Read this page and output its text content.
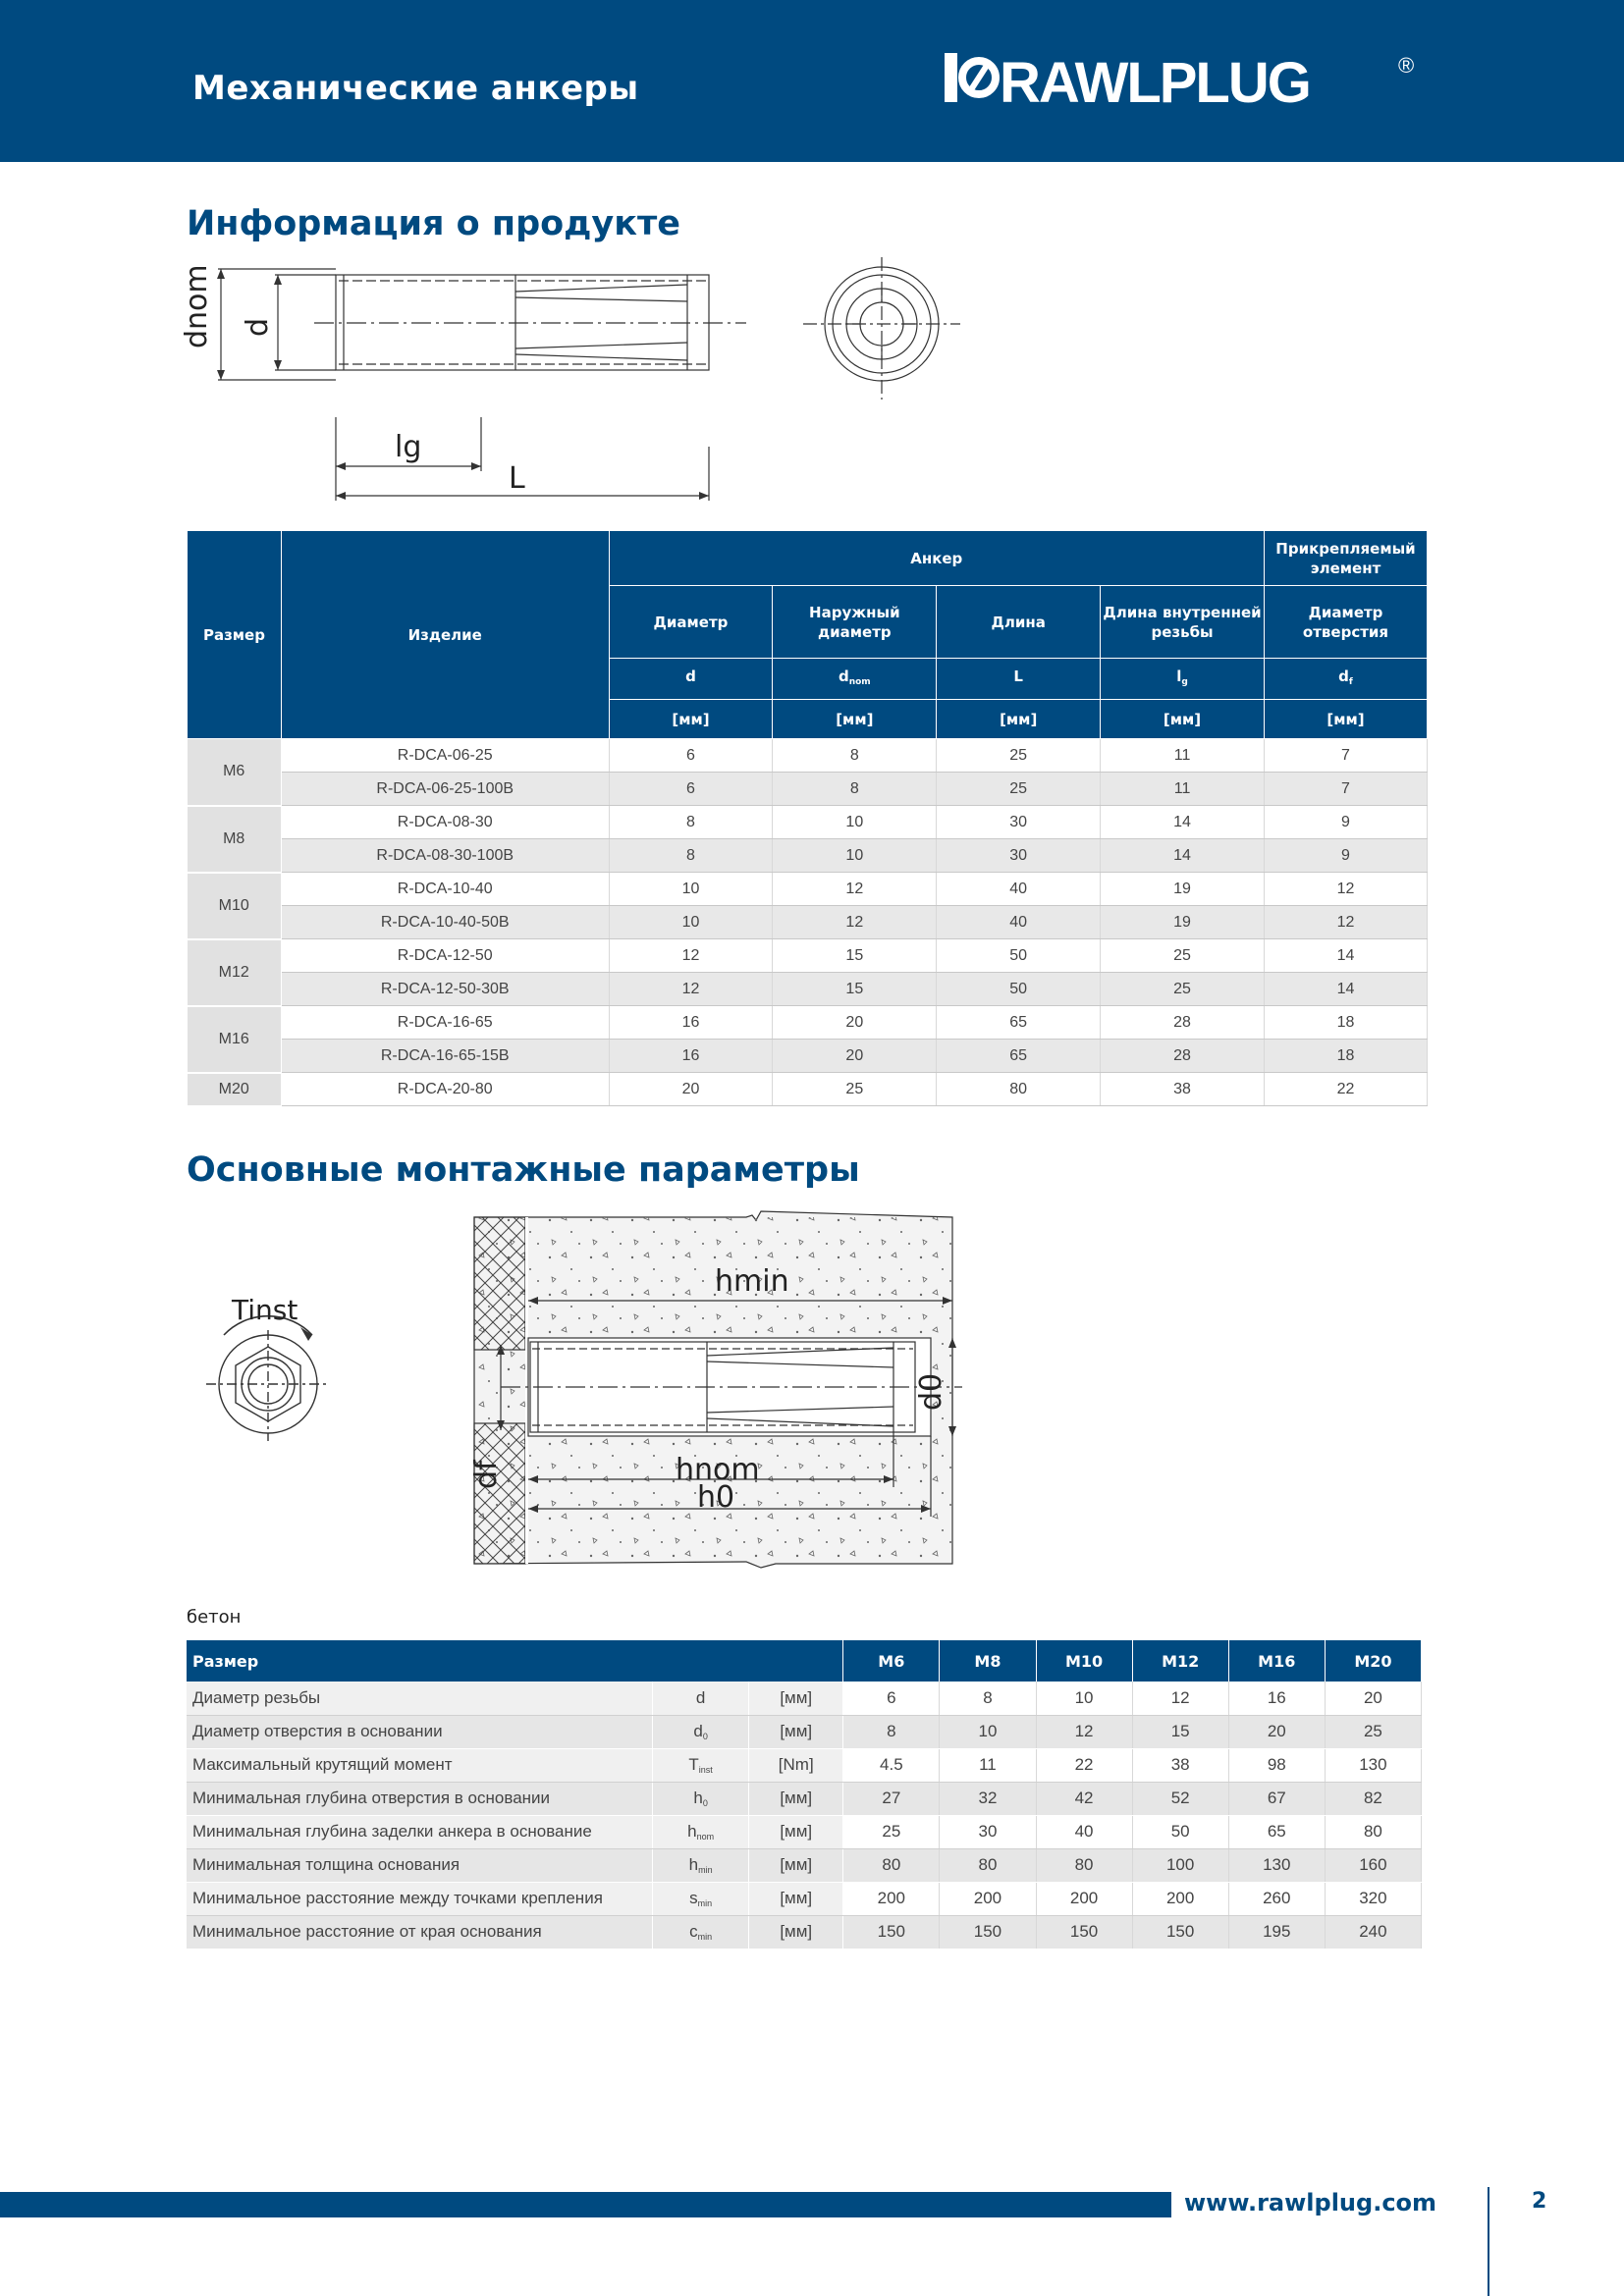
Механические анкеры	RAWLPLUG	®
Информация о продукте
dnom d
lg
L
Размер	Изделие	Анкер				Прикрепляемый элемент
		Диаметр	Наружный диаметр	Длина	Длина внутренней резьбы	Диаметр отверстия
		d	$d_{nom}$	L	$l_g$	$d_f$
		[мм]	[мм]	[мм]	[мм]	[мм]
M6	R-DCA-06-25	6	8	25	11	7
	R-DCA-06-25-100B	6	8	25	11	7
M8	R-DCA-08-30	8	10	30	14	9
	R-DCA-08-30-100B	8	10	30	14	9
M10	R-DCA-10-40	10	12	40	19	12
	R-DCA-10-40-50B	10	12	40	19	12
M12	R-DCA-12-50	12	15	50	25	14
	R-DCA-12-50-30B	12	15	50	25	14
M16	R-DCA-16-65	16	20	65	28	18
	R-DCA-16-65-15B	16	20	65	28	18
M20	R-DCA-20-80	20	25	80	38	22
Основные монтажные параметры
Tinst
hmin
d0
df	hnom
h0
бетон
Размер			M6	M8	M10	M12	M16	M20
Диаметр резьбы	d	[мм]	6	8	10	12	16	20
Диаметр отверстия в основании	$d_0$	[мм]	8	10	12	15	20	25
Максимальный крутящий момент	$T_{inst}$	[Nm]	4.5	11	22	38	98	130
Минимальная глубина отверстия в основании	$h_0$	[мм]	27	32	42	52	67	82
Минимальная глубина заделки анкера в основание	$h_{nom}$	[мм]	25	30	40	50	65	80
Минимальная толщина основания	$h_{min}$	[мм]	80	80	80	100	130	160
Минимальное расстояние между точками крепления	$s_{min}$	[мм]	200	200	200	200	260	320
Минимальное расстояние от края основания	$c_{min}$	[мм]	150	150	150	150	195	240
www.rawlplug.com	2
